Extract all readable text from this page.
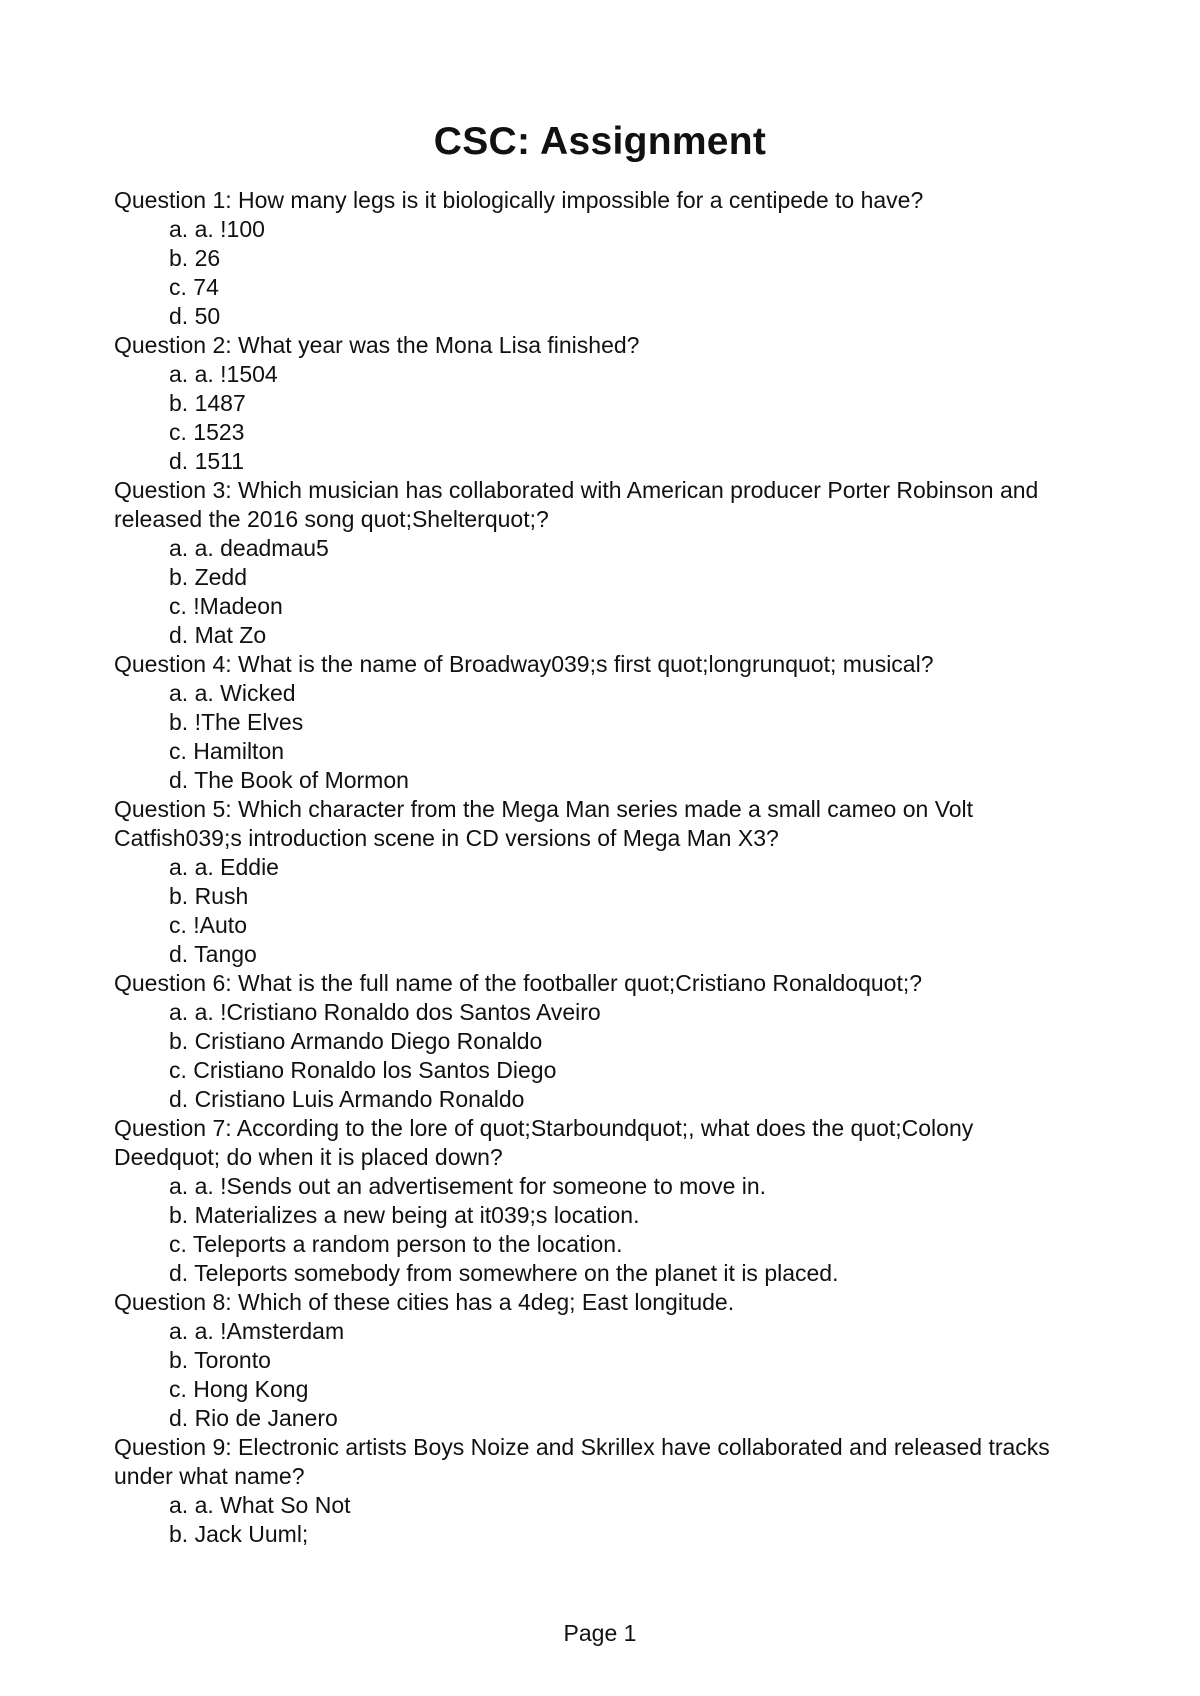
CSC: Assignment

Question 1: How many legs is it biologically impossible for a centipede to have?

a. a. !100
b. 26
c. 74
d. 50

Question 2: What year was the Mona Lisa finished?

a. a. !1504
b. 1487
c. 1523
d. 1511

Question 3: Which musician has collaborated with American producer Porter Robinson and released the 2016 song quot;Shelterquot;?

a. a. deadmau5
b. Zedd
c. !Madeon
d. Mat Zo

Question 4: What is the name of Broadway039;s first quot;longrunquot; musical?

a. a. Wicked
b. !The Elves
c. Hamilton
d. The Book of Mormon

Question 5: Which character from the Mega Man series made a small cameo on Volt Catfish039;s introduction scene in CD versions of Mega Man X3?

a. a. Eddie
b. Rush
c. !Auto
d. Tango

Question 6: What is the full name of the footballer quot;Cristiano Ronaldoquot;?

a. a. !Cristiano Ronaldo dos Santos Aveiro
b. Cristiano Armando Diego Ronaldo
c. Cristiano Ronaldo los Santos Diego
d. Cristiano Luis Armando Ronaldo

Question 7: According to the lore of quot;Starboundquot;, what does the quot;Colony Deedquot; do when it is placed down?

a. a. !Sends out an advertisement for someone to move in.
b. Materializes a new being at it039;s location.
c. Teleports a random person to the location.
d. Teleports somebody from somewhere on the planet it is placed.

Question 8: Which of these cities has a 4deg; East longitude.

a. a. !Amsterdam
b. Toronto
c. Hong Kong
d. Rio de Janero

Question 9: Electronic artists Boys Noize and Skrillex have collaborated and released tracks under what name?

a. a. What So Not
b. Jack Uuml;
Page 1
